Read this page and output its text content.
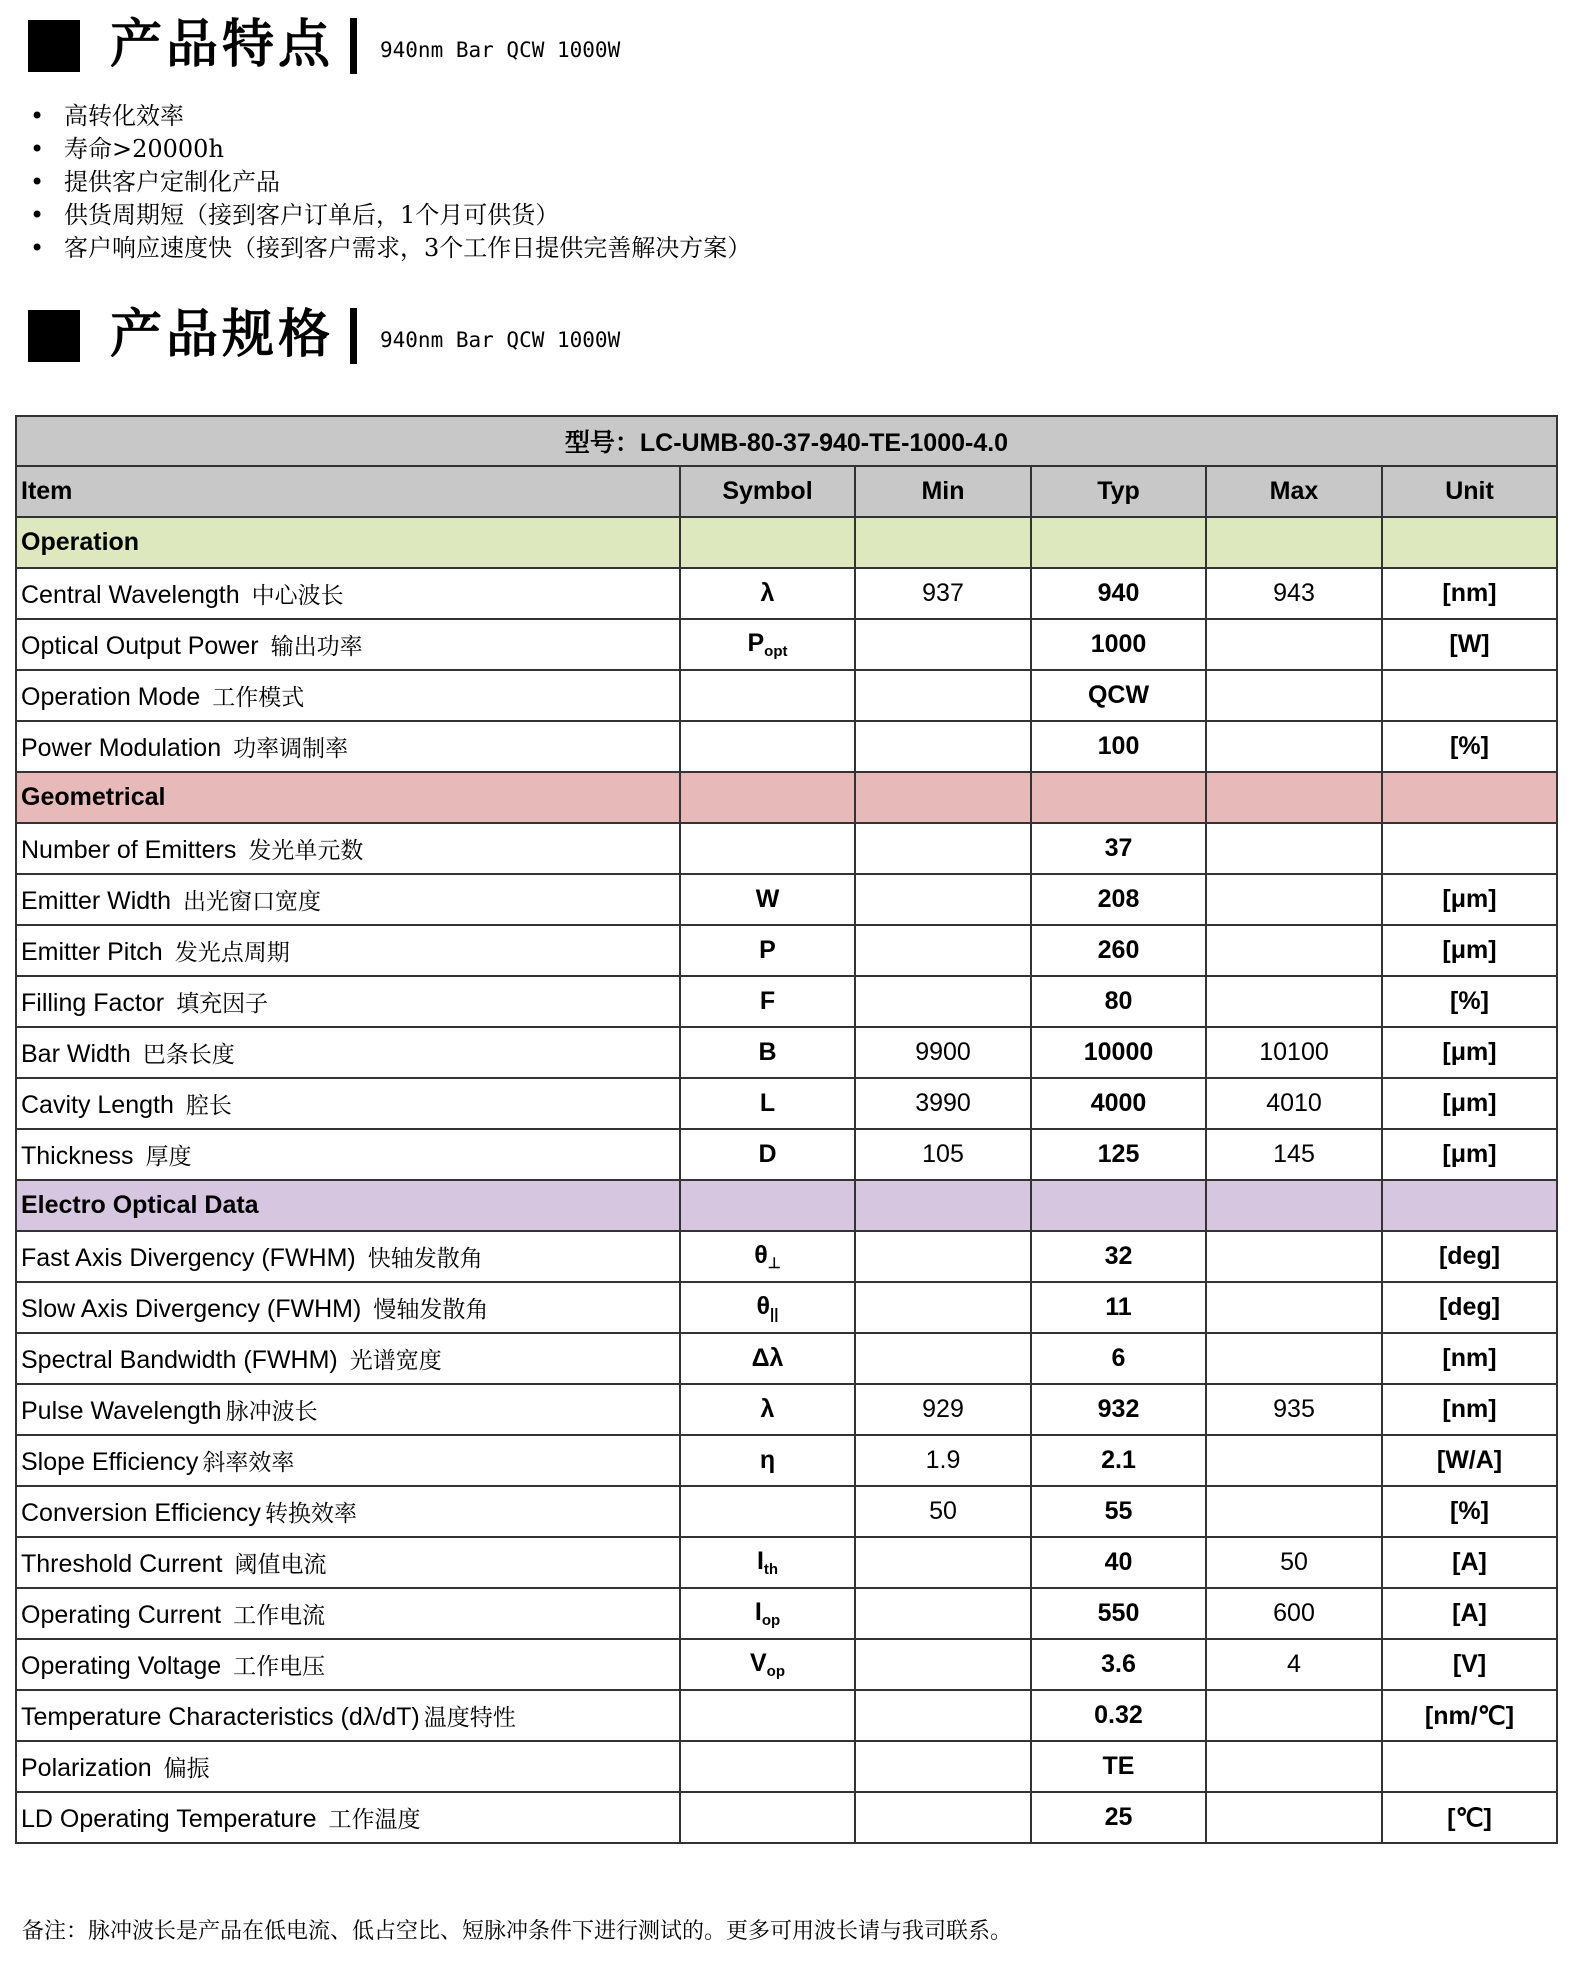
产品特点 940nm Bar QCW 1000W
• 高转化效率
• 寿命>20000h
• 提供客户定制化产品
• 供货周期短（接到客户订单后，1个月可供货）
• 客户响应速度快（接到客户需求，3个工作日提供完善解决方案）
产品规格 940nm Bar QCW 1000W
型号：LC-UMB-80-37-940-TE-1000-4.0					
Item	Symbol	Min	Typ	Max	Unit
Operation					
Central Wavelength 中心波长	λ	937	940	943	[nm]
Optical Output Power 输出功率	$P_{opt}$		1000		[W]
Operation Mode 工作模式			QCW		
Power Modulation 功率调制率			100		[%]
Geometrical					
Number of Emitters 发光单元数			37		
Emitter Width 出光窗口宽度	W		208		[μm]
Emitter Pitch 发光点周期	P		260		[μm]
Filling Factor 填充因子	F		80		[%]
Bar Width 巴条长度	B	9900	10000	10100	[μm]
Cavity Length 腔长	L	3990	4000	4010	[μm]
Thickness 厚度	D	105	125	145	[μm]
Electro Optical Data					
Fast Axis Divergency (FWHM) 快轴发散角	$\theta_\perp$		32		[deg]
Slow Axis Divergency (FWHM) 慢轴发散角	$\theta_{||}$		11		[deg]
Spectral Bandwidth (FWHM) 光谱宽度	Δλ		6		[nm]
Pulse Wavelength 脉冲波长	λ	929	932	935	[nm]
Slope Efficiency 斜率效率	η	1.9	2.1		[W/A]
Conversion Efficiency 转换效率		50	55		[%]
Threshold Current 阈值电流	$I_{th}$		40	50	[A]
Operating Current 工作电流	$I_{op}$		550	600	[A]
Operating Voltage 工作电压	$V_{op}$		3.6	4	[V]
Temperature Characteristics (dλ/dT) 温度特性			0.32		[nm/℃]
Polarization 偏振			TE		
LD Operating Temperature 工作温度			25		[℃]
备注：脉冲波长是产品在低电流、低占空比、短脉冲条件下进行测试的。更多可用波长请与我司联系。
